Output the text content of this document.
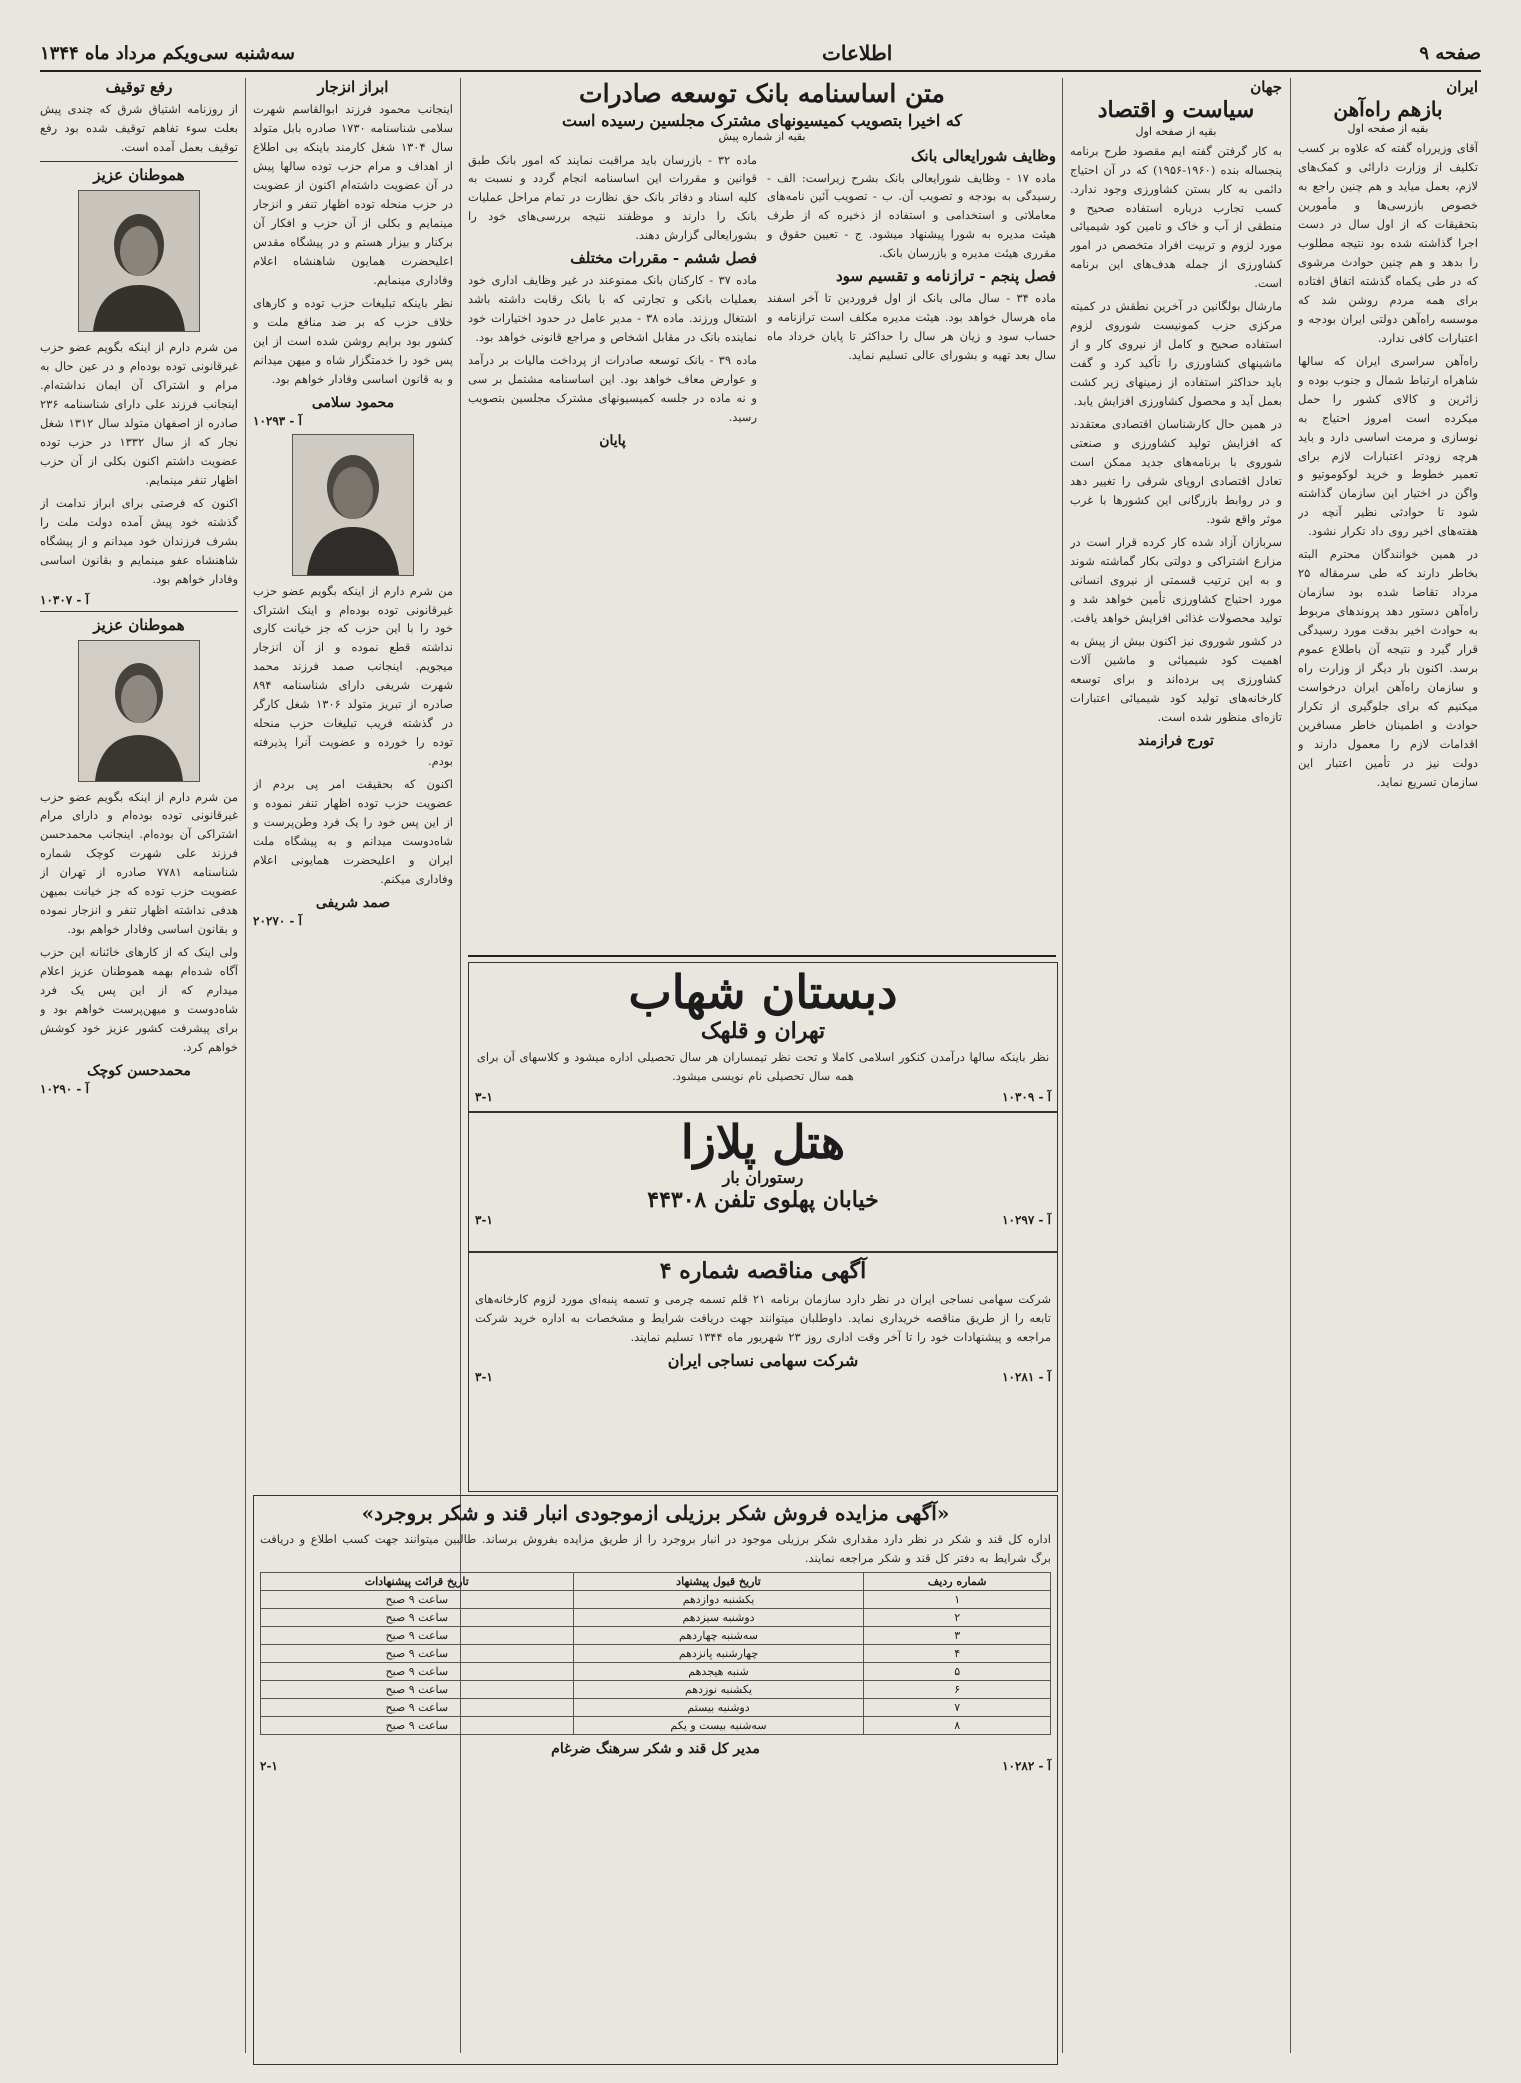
صفحه ۹
اطلاعات
سه‌شنبه‌ سی‌ویکم مرداد ماه ۱۳۴۴
ایران
بازهم راه‌آهن
بقیه از صفحه اول

آقای وزیرراه گفته که علاوه بر کسب تکلیف از وزارت دارائی و کمک‌های لازم، بعمل میاید و هم چنین راجع به خصوص بازرسی‌ها و مأمورین بتحقیقات که از اول سال در دست اجرا گذاشته شده بود نتیجه مطلوب را بدهد و هم چنین حوادث مرشوی که در طی یکماه گذشته اتفاق افتاده برای همه مردم روشن شد که موسسه راه‌آهن دولتی ایران بودجه و اعتبارات کافی ندارد.

راه‌آهن سراسری ایران که سالها شاهراه ارتباط شمال و جنوب بوده و زائرین و کالای کشور را حمل میکرده است امروز احتیاج به نوسازی و مرمت اساسی دارد و باید هرچه زودتر اعتبارات لازم برای تعمیر خطوط و خرید لوکوموتیو و واگن در اختیار این سازمان گذاشته شود تا حوادثی نظیر آنچه در هفته‌های اخیر روی داد تکرار نشود.

در همین خوانندگان محترم البته بخاطر دارند که طی سرمقاله ۲۵ مرداد تقاضا شده بود سازمان راه‌آهن دستور دهد پروندهای مربوط به حوادث اخیر بدقت مورد رسیدگی قرار گیرد و نتیجه آن باطلاع عموم برسد. اکنون بار دیگر از وزارت راه و سازمان راه‌آهن ایران درخواست میکنیم که برای جلوگیری از تکرار حوادث و اطمینان خاطر مسافرین اقدامات لازم را معمول دارند و دولت نیز در تأمین اعتبار این سازمان تسریع نماید.

جهان
سیاست و اقتصاد
بقیه از صفحه اول

به کار گرفتن گفته ایم مقصود طرح برنامه پنجساله بنده (۱۹۶۰-۱۹۵۶) که در آن احتیاج دائمی به کار بستن کشاورزی وجود ندارد. کسب تجارب درباره استفاده صحیح و منطقی از آب و خاک و تامین کود شیمیائی مورد لزوم و تربیت افراد متخصص در امور کشاورزی از جمله هدف‌های این برنامه است.

مارشال بولگانین در آخرین نطقش در کمیته مرکزی حزب کمونیست شوروی لزوم استفاده صحیح و کامل از نیروی کار و از ماشینهای کشاورزی را تأکید کرد و گفت باید حداکثر استفاده از زمینهای زیر کشت بعمل آید و محصول کشاورزی افزایش یابد.

در همین حال کارشناسان اقتصادی معتقدند که افزایش تولید کشاورزی و صنعتی شوروی با برنامه‌های جدید ممکن است تعادل اقتصادی اروپای شرقی را تغییر دهد و در روابط بازرگانی این کشورها با غرب موثر واقع شود.

سربازان آزاد شده کار کرده قرار است در مزارع اشتراکی و دولتی بکار گماشته شوند و به این ترتیب قسمتی از نیروی انسانی مورد احتیاج کشاورزی تأمین خواهد شد و تولید محصولات غذائی افزایش خواهد یافت.

در کشور شوروی نیز اکنون بیش از پیش به اهمیت کود شیمیائی و ماشین آلات کشاورزی پی برده‌اند و برای توسعه کارخانه‌های تولید کود شیمیائی اعتبارات تازه‌ای منظور شده است.

تورج فرازمند
متن اساسنامه بانک توسعه صادرات
که اخیرا بتصویب کمیسیونهای مشترک مجلسین رسیده است
بقیه از شماره پیش
وظایف شورایعالی بانک

ماده ۱۷ - وظایف شورایعالی بانک بشرح زیراست: الف - رسیدگی به بودجه و تصویب آن. ب - تصویب آئین نامه‌های معاملاتی و استخدامی و استفاده از ذخیره که از طرف هیئت مدیره به شورا پیشنهاد میشود. ج - تعیین حقوق و مقرری هیئت مدیره و بازرسان بانک.

فصل پنجم - ترازنامه و تقسیم سود

ماده ۳۴ - سال مالی بانک از اول فروردین تا آخر اسفند ماه هرسال خواهد بود. هیئت مدیره مکلف است ترازنامه و حساب سود و زیان هر سال را حداکثر تا پایان خرداد ماه سال بعد تهیه و بشورای عالی تسلیم نماید.

ماده ۳۲ - بازرسان باید مراقبت نمایند که امور بانک طبق قوانین و مقررات این اساسنامه انجام گردد و نسبت به کلیه اسناد و دفاتر بانک حق نظارت در تمام مراحل عملیات بانک را دارند و موظفند نتیجه بررسی‌های خود را بشورایعالی گزارش دهند.

فصل ششم - مقررات مختلف

ماده ۳۷ - کارکنان بانک ممنوعند در غیر وظایف اداری خود بعملیات بانکی و تجارتی که با بانک رقابت داشته باشد اشتغال ورزند. ماده ۳۸ - مدیر عامل در حدود اختیارات خود نماینده بانک در مقابل اشخاص و مراجع قانونی خواهد بود.

ماده ۳۹ - بانک توسعه صادرات از پرداخت مالیات بر درآمد و عوارض معاف خواهد بود. این اساسنامه مشتمل بر سی و نه ماده در جلسه کمیسیونهای مشترک مجلسین بتصویب رسید.

پایان
دبستان شهاب
تهران و قلهک

نظر باینکه سالها درآمدن کنکور اسلامی کاملا و تحت نظر تیمساران هر سال تحصیلی اداره میشود و کلاسهای آن برای همه سال تحصیلی نام نویسی میشود.

آ - ۱۰۳۰۹
۳-۱
هتل پلازا
رستوران بار
خیابان پهلوی تلفن ۴۴۳۰۸
آ - ۱۰۲۹۷
۳-۱
آگهی مناقصه شماره ۴

شرکت سهامی نساجی ایران در نظر دارد سازمان برنامه ۲۱ قلم تسمه چرمی و تسمه پنبه‌ای مورد لزوم کارخانه‌های تابعه را از طریق مناقصه خریداری نماید. داوطلبان میتوانند جهت دریافت شرایط و مشخصات به اداره خرید شرکت مراجعه و پیشنهادات خود را تا آخر وقت اداری روز ۲۳ شهریور ماه ۱۳۴۴ تسلیم نمایند.

شرکت سهامی نساجی ایران
آ - ۱۰۲۸۱
۳-۱
«آگهی مزایده فروش شکر برزیلی ازموجودی انبار قند و شکر بروجرد»

اداره کل قند و شکر در نظر دارد مقداری شکر برزیلی موجود در انبار بروجرد را از طریق مزایده بفروش برساند. طالبین میتوانند جهت کسب اطلاع و دریافت برگ شرایط به دفتر کل قند و شکر مراجعه نمایند.

شماره ردیف	تاریخ قبول پیشنهاد	تاریخ قرائت پیشنهادات
۱	یکشنبه دوازدهم	ساعت ۹ صبح
۲	دوشنبه سیزدهم	ساعت ۹ صبح
۳	سه‌شنبه چهاردهم	ساعت ۹ صبح
۴	چهارشنبه پانزدهم	ساعت ۹ صبح
۵	شنبه هیجدهم	ساعت ۹ صبح
۶	یکشنبه نوزدهم	ساعت ۹ صبح
۷	دوشنبه بیستم	ساعت ۹ صبح
۸	سه‌شنبه بیست و یکم	ساعت ۹ صبح
مدیر کل قند و شکر سرهنگ ضرغام
آ - ۱۰۲۸۲
۲-۱
ابراز انزجار

اینجانب محمود فرزند ابوالقاسم شهرت سلامی شناسنامه ۱۷۳۰ صادره بابل متولد سال ۱۳۰۴ شغل کارمند باینکه بی اطلاع از اهداف و مرام حزب توده سالها پیش در آن عضویت داشته‌ام اکنون از عضویت در حزب منحله توده اظهار تنفر و انزجار مینمایم و بکلی از آن حزب و افکار آن برکنار و بیزار هستم و در پیشگاه مقدس اعلیحضرت همایون شاهنشاه اعلام وفاداری مینمایم.

نظر باینکه تبلیغات حزب توده و کارهای خلاف حزب که بر ضد منافع ملت و کشور بود برایم روشن شده است از این پس خود را خدمتگزار شاه و میهن میدانم و به قانون اساسی وفادار خواهم بود.

محمود سلامی
آ - ۱۰۲۹۳

من شرم دارم از اینکه بگویم عضو حزب غیرقانونی توده بوده‌ام و اینک اشتراک خود را با این حزب که جز خیانت کاری نداشته قطع نموده و از آن انزجار میجویم. اینجانب صمد فرزند محمد شهرت شریفی دارای شناسنامه ۸۹۴ صادره از تبریز متولد ۱۳۰۶ شغل کارگر در گذشته فریب تبلیغات حزب منحله توده را خورده و عضویت آنرا پذیرفته بودم.

اکنون که بحقیقت امر پی بردم از عضویت حزب توده اظهار تنفر نموده و از این پس خود را یک فرد وطن‌پرست و شاه‌دوست میدانم و به پیشگاه ملت ایران و اعلیحضرت همایونی اعلام وفاداری میکنم.

صمد شریفی
آ - ۲۰۲۷۰
رفع توقیف

از روزنامه اشتیاق شرق که چندی پیش بعلت سوء تفاهم توقیف شده بود رفع توقیف بعمل آمده است.

هموطنان عزیز

من شرم دارم از اینکه بگویم عضو حزب غیرقانونی توده بوده‌ام و در عین حال به مرام و اشتراک آن ایمان نداشته‌ام. اینجانب فرزند علی دارای شناسنامه ۲۳۶ صادره از اصفهان متولد سال ۱۳۱۲ شغل نجار که از سال ۱۳۳۲ در حزب توده عضویت داشتم اکنون بکلی از آن حزب اظهار تنفر مینمایم.

اکنون که فرصتی برای ابراز ندامت از گذشته خود پیش آمده دولت ملت را بشرف فرزندان خود میدانم و از پیشگاه شاهنشاه عفو مینمایم و بقانون اساسی وفادار خواهم بود.

آ - ۱۰۳۰۷
هموطنان عزیز

من شرم دارم از اینکه بگویم عضو حزب غیرقانونی توده بوده‌ام و دارای مرام اشتراکی آن بوده‌ام. اینجانب محمدحسن فرزند علی شهرت کوچک شماره شناسنامه ۷۷۸۱ صادره از تهران از عضویت حزب توده که جز خیانت بمیهن هدفی نداشته اظهار تنفر و انزجار نموده و بقانون اساسی وفادار خواهم بود.

ولی اینک که از کارهای خائنانه این حزب آگاه شده‌ام بهمه هموطنان عزیز اعلام میدارم که از این پس یک فرد شاه‌دوست و میهن‌پرست خواهم بود و برای پیشرفت کشور عزیز خود کوشش خواهم کرد.

محمدحسن کوچک
آ - ۱۰۲۹۰
